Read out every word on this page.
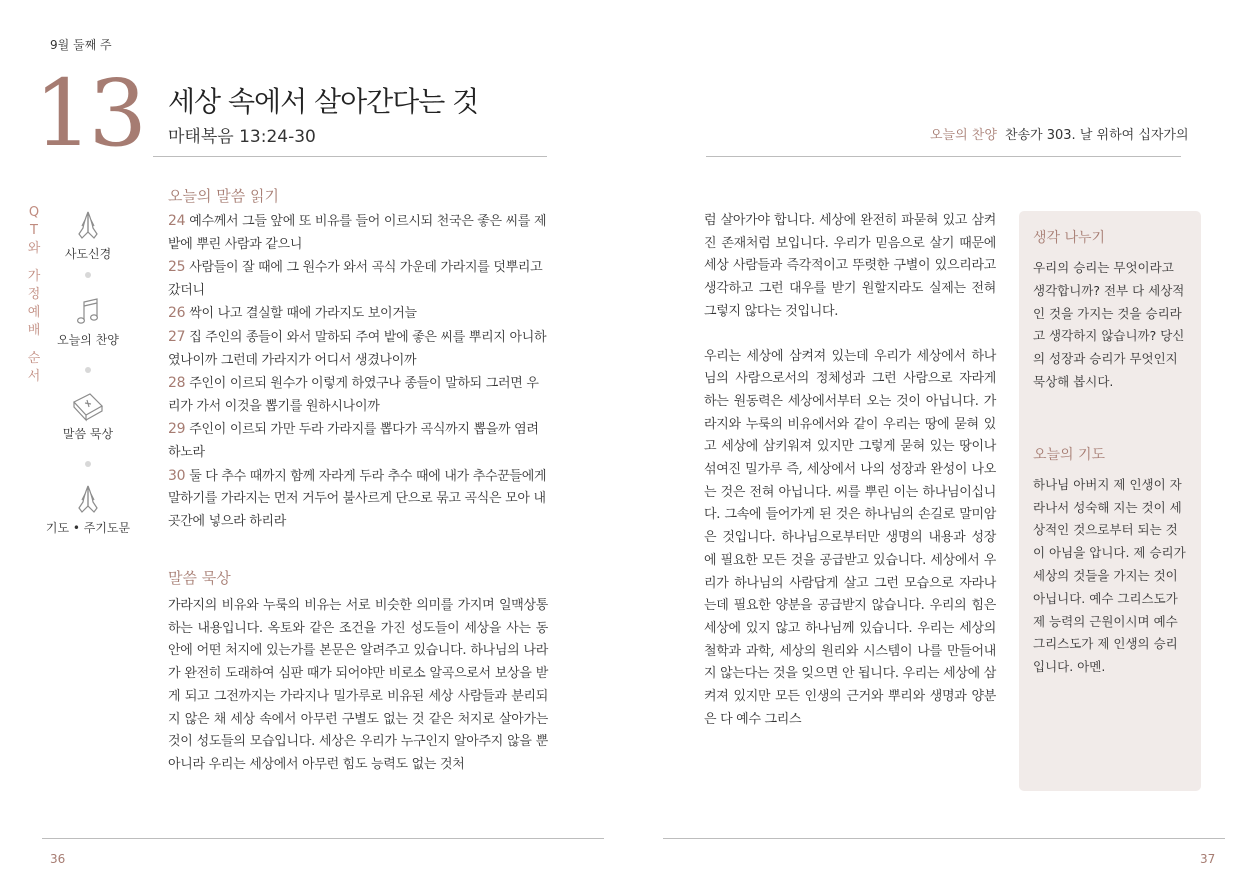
9월 둘째 주
13 세상 속에서 살아간다는 것
마태복음 13:24-30	오늘의 찬양 찬송가 303. 날 위하여 십자가의
Q
T
와
가
정
예
배
순
서
사도신경
오늘의 찬양
말씀 묵상
기도 • 주기도문
오늘의 말씀 읽기
24 예수께서 그들 앞에 또 비유를 들어 이르시되 천국은 좋은 씨를 제 밭에 뿌린 사람과 같으니
25 사람들이 잘 때에 그 원수가 와서 곡식 가운데 가라지를 덧뿌리고 갔더니
26 싹이 나고 결실할 때에 가라지도 보이거늘
27 집 주인의 종들이 와서 말하되 주여 밭에 좋은 씨를 뿌리지 아니하였나이까 그런데 가라지가 어디서 생겼나이까
28 주인이 이르되 원수가 이렇게 하였구나 종들이 말하되 그러면 우리가 가서 이것을 뽑기를 원하시나이까
29 주인이 이르되 가만 두라 가라지를 뽑다가 곡식까지 뽑을까 염려하노라
30 둘 다 추수 때까지 함께 자라게 두라 추수 때에 내가 추수꾼들에게 말하기를 가라지는 먼저 거두어 불사르게 단으로 묶고 곡식은 모아 내 곳간에 넣으라 하리라
말씀 묵상

가라지의 비유와 누룩의 비유는 서로 비슷한 의미를 가지며 일맥상통하는 내용입니다. 옥토와 같은 조건을 가진 성도들이 세상을 사는 동안에 어떤 처지에 있는가를 본문은 알려주고 있습니다. 하나님의 나라가 완전히 도래하여 심판 때가 되어야만 비로소 알곡으로서 보상을 받게 되고 그전까지는 가라지나 밀가루로 비유된 세상 사람들과 분리되지 않은 채 세상 속에서 아무런 구별도 없는 것 같은 처지로 살아가는 것이 성도들의 모습입니다. 세상은 우리가 누구인지 알아주지 않을 뿐 아니라 우리는 세상에서 아무런 힘도 능력도 없는 것처

럼 살아가야 합니다. 세상에 완전히 파묻혀 있고 삼켜진 존재처럼 보입니다. 우리가 믿음으로 살기 때문에 세상 사람들과 즉각적이고 뚜렷한 구별이 있으리라고 생각하고 그런 대우를 받기 원할지라도 실제는 전혀 그렇지 않다는 것입니다.

우리는 세상에 삼켜져 있는데 우리가 세상에서 하나님의 사람으로서의 정체성과 그런 사람으로 자라게 하는 원동력은 세상에서부터 오는 것이 아닙니다. 가라지와 누룩의 비유에서와 같이 우리는 땅에 묻혀 있고 세상에 삼키워져 있지만 그렇게 묻혀 있는 땅이나 섞여진 밀가루 즉, 세상에서 나의 성장과 완성이 나오는 것은 전혀 아닙니다. 씨를 뿌린 이는 하나님이십니다. 그속에 들어가게 된 것은 하나님의 손길로 말미암은 것입니다. 하나님으로부터만 생명의 내용과 성장에 필요한 모든 것을 공급받고 있습니다. 세상에서 우리가 하나님의 사람답게 살고 그런 모습으로 자라나는데 필요한 양분을 공급받지 않습니다. 우리의 힘은 세상에 있지 않고 하나님께 있습니다. 우리는 세상의 철학과 과학, 세상의 원리와 시스템이 나를 만들어내지 않는다는 것을 잊으면 안 됩니다. 우리는 세상에 삼켜져 있지만 모든 인생의 근거와 뿌리와 생명과 양분은 다 예수 그리스

생각 나누기
우리의 승리는 무엇이라고 생각합니까? 전부 다 세상적인 것을 가지는 것을 승리라고 생각하지 않습니까? 당신의 성장과 승리가 무엇인지 묵상해 봅시다.
오늘의 기도
하나님 아버지 제 인생이 자라나서 성숙해 지는 것이 세상적인 것으로부터 되는 것이 아님을 압니다. 제 승리가 세상의 것들을 가지는 것이 아닙니다. 예수 그리스도가 제 능력의 근원이시며 예수 그리스도가 제 인생의 승리입니다. 아멘.
36	37
